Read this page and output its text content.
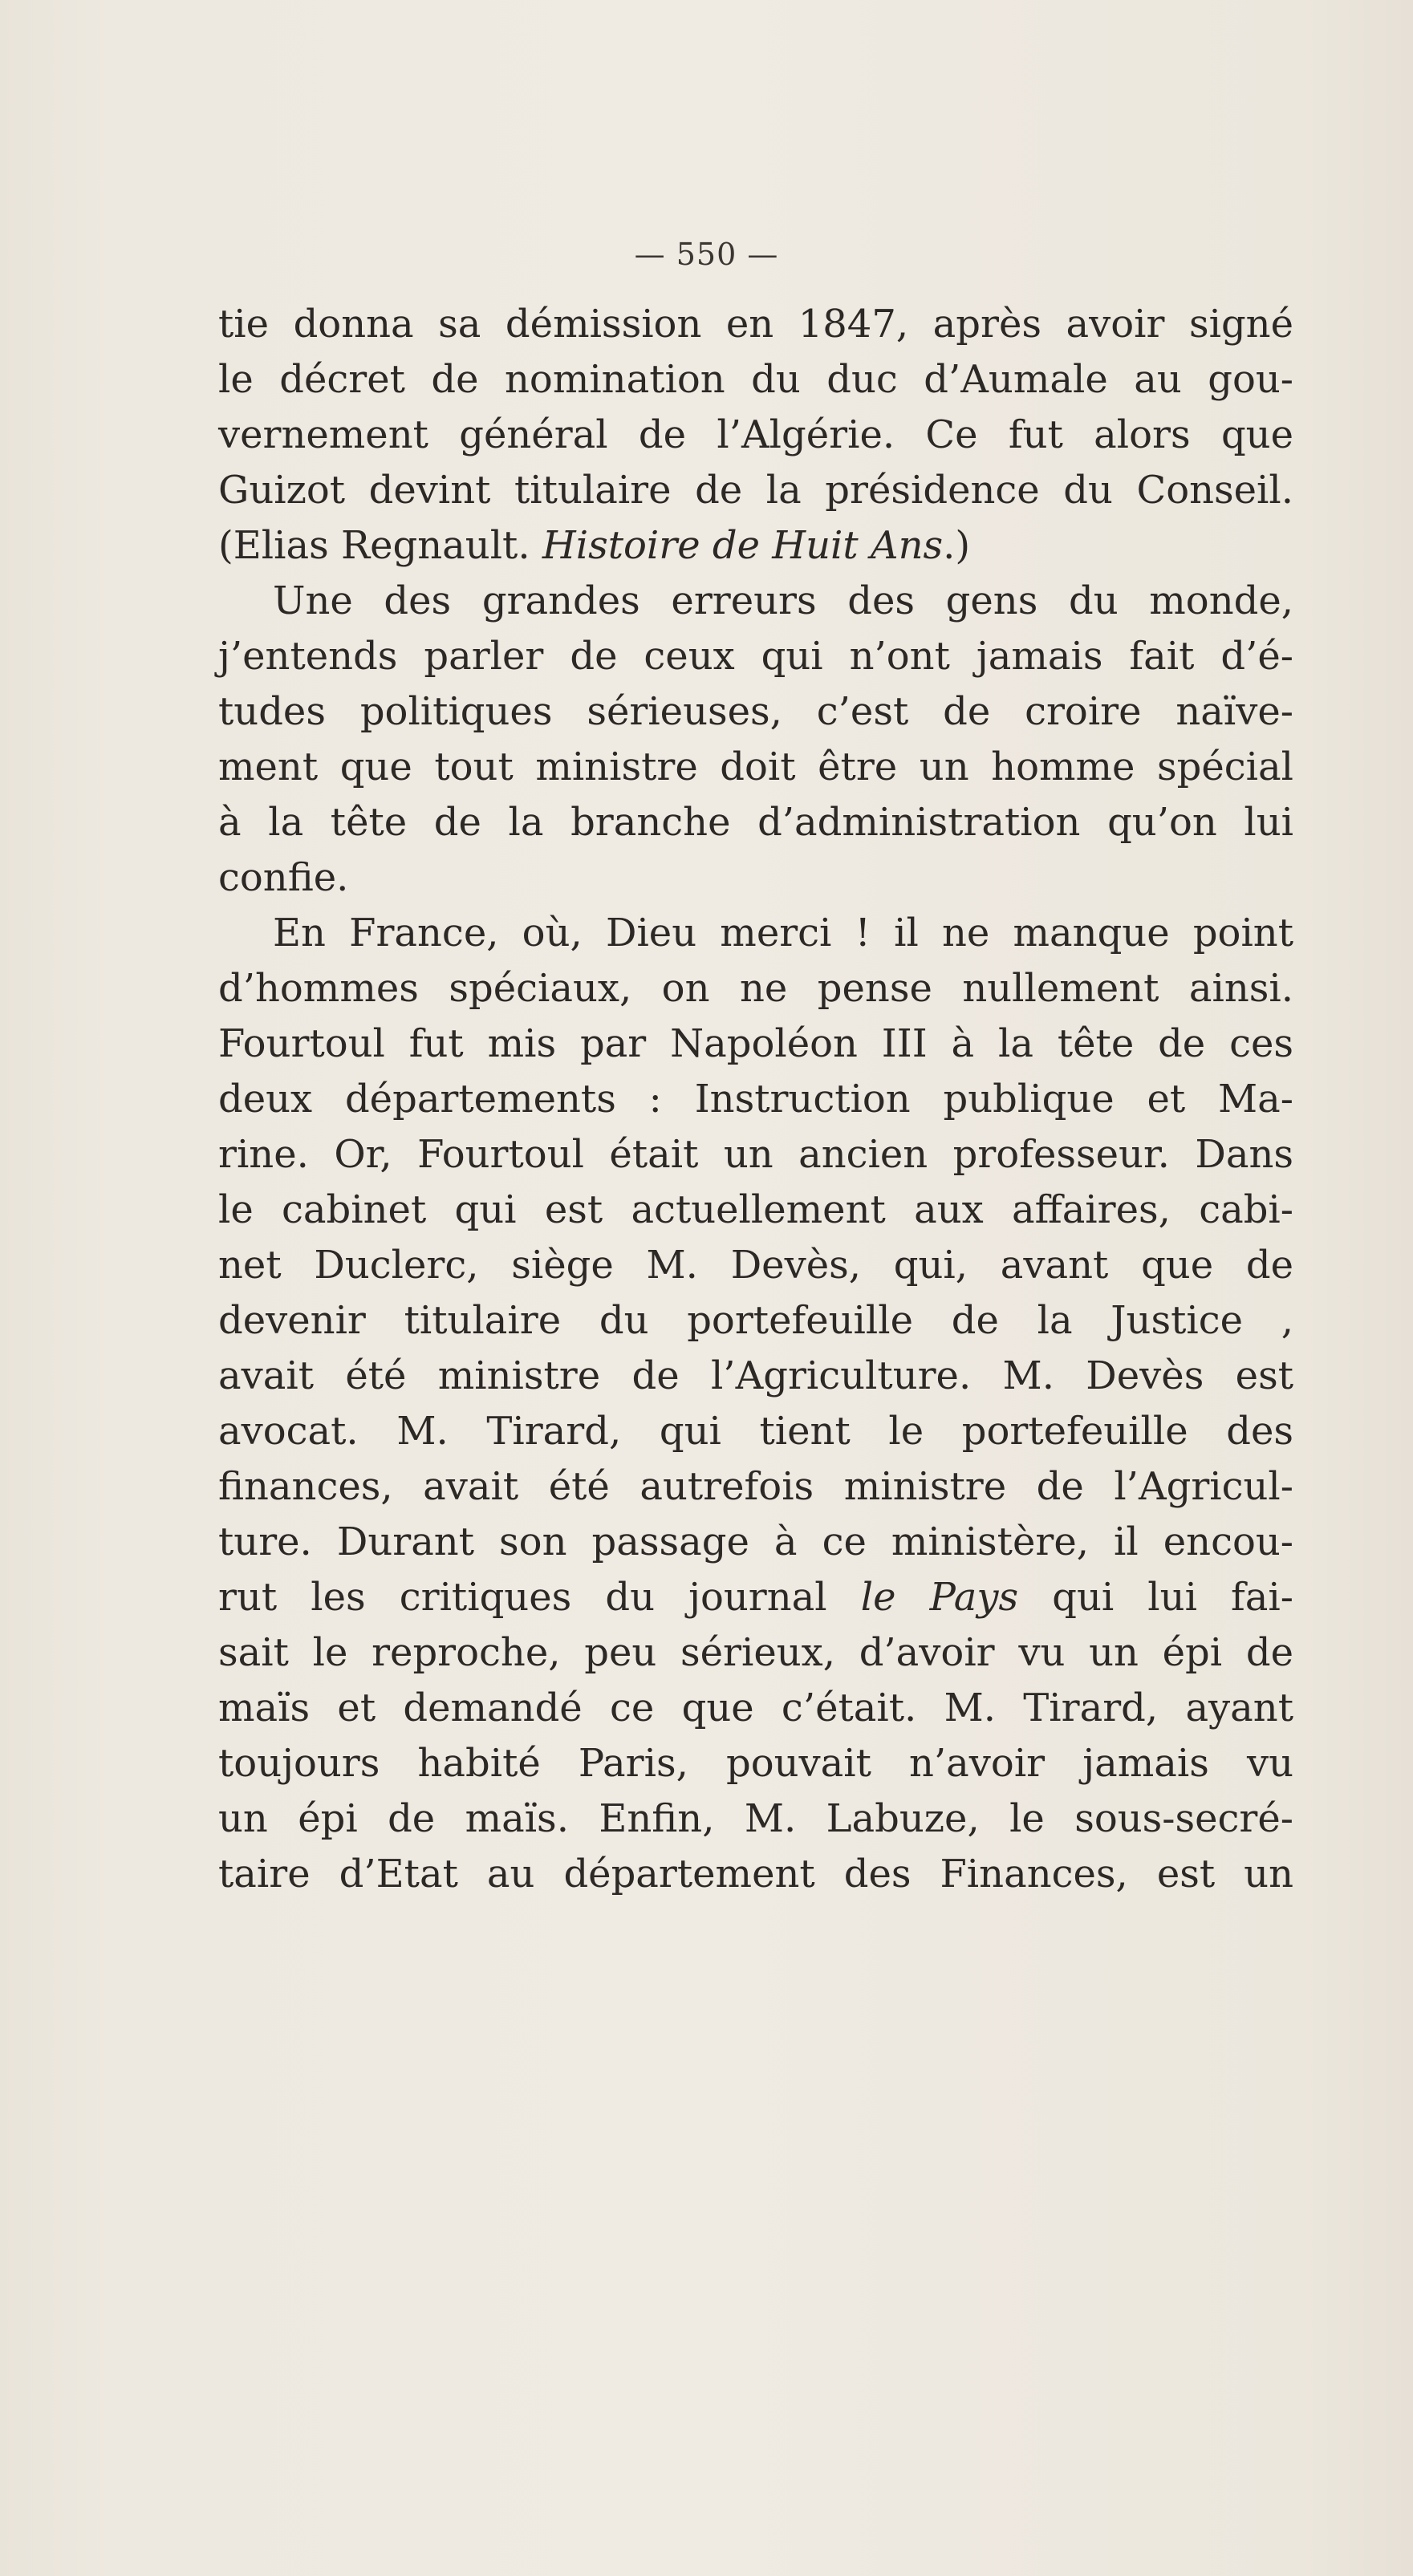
— 550 —
tie donna sa démission en 1847, après avoir signé
le décret de nomination du duc d’Aumale au gou-
vernement général de l’Algérie. Ce fut alors que
Guizot devint titulaire de la présidence du Conseil.
(Elias Regnault. Histoire de Huit Ans.)
Une des grandes erreurs des gens du monde,
j’entends parler de ceux qui n’ont jamais fait d’é-
tudes politiques sérieuses, c’est de croire naïve-
ment que tout ministre doit être un homme spécial
à la tête de la branche d’administration qu’on lui
confie.
En France, où, Dieu merci ! il ne manque point
d’hommes spéciaux, on ne pense nullement ainsi.
Fourtoul fut mis par Napoléon III à la tête de ces
deux départements : Instruction publique et Ma-
rine. Or, Fourtoul était un ancien professeur. Dans
le cabinet qui est actuellement aux affaires, cabi-
net Duclerc, siège M. Devès, qui, avant que de
devenir titulaire du portefeuille de la Justice ,
avait été ministre de l’Agriculture. M. Devès est
avocat. M. Tirard, qui tient le portefeuille des
finances, avait été autrefois ministre de l’Agricul-
ture. Durant son passage à ce ministère, il encou-
rut les critiques du journal le Pays qui lui fai-
sait le reproche, peu sérieux, d’avoir vu un épi de
maïs et demandé ce que c’était. M. Tirard, ayant
toujours habité Paris, pouvait n’avoir jamais vu
un épi de maïs. Enfin, M. Labuze, le sous-secré-
taire d’Etat au département des Finances, est un
